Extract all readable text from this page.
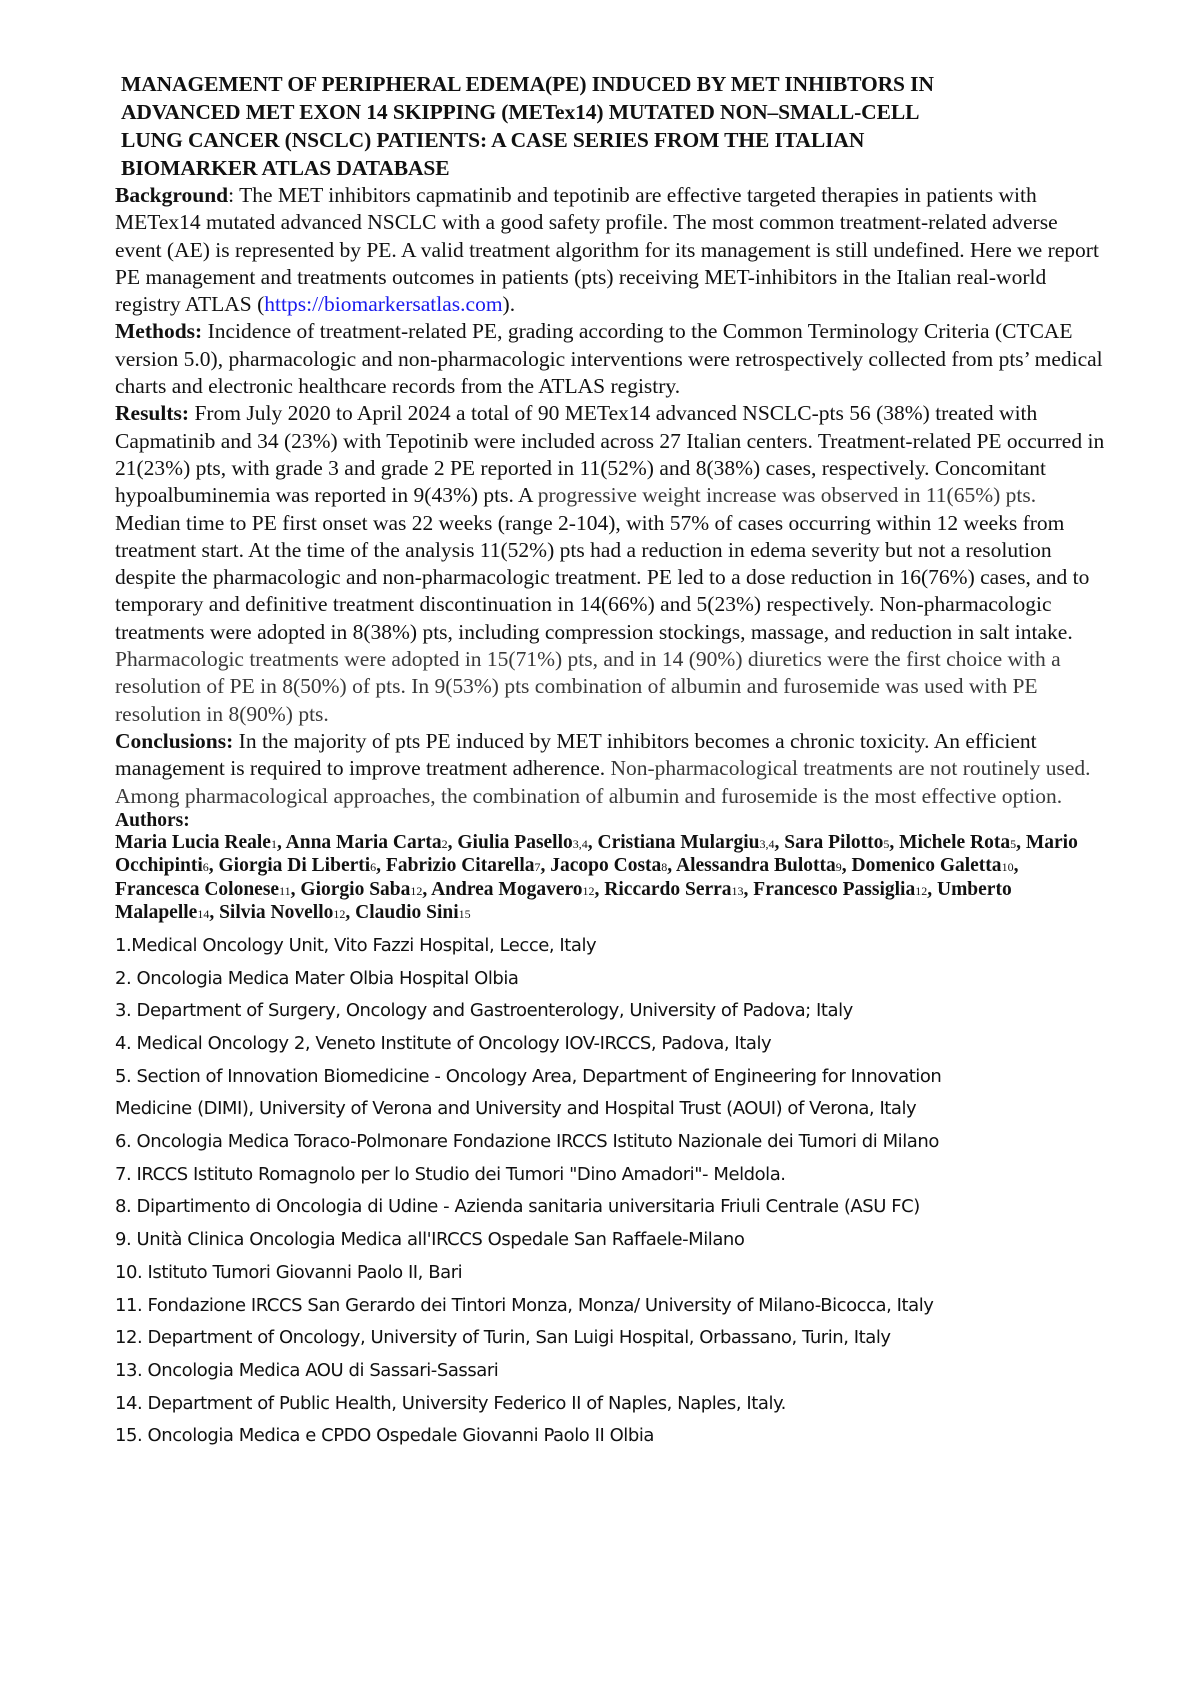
MANAGEMENT OF PERIPHERAL EDEMA(PE) INDUCED BY MET INHIBTORS IN
ADVANCED MET EXON 14 SKIPPING (METex14) MUTATED NON–SMALL-CELL
LUNG CANCER (NSCLC) PATIENTS: A CASE SERIES FROM THE ITALIAN
BIOMARKER ATLAS DATABASE

Background: The MET inhibitors capmatinib and tepotinib are effective targeted therapies in patients with METex14 mutated advanced NSCLC with a good safety profile. The most common treatment-related adverse event (AE) is represented by PE. A valid treatment algorithm for its management is still undefined. Here we report PE management and treatments outcomes in patients (pts) receiving MET-inhibitors in the Italian real-world registry ATLAS (https://biomarkersatlas.com).

Methods: Incidence of treatment-related PE, grading according to the Common Terminology Criteria (CTCAE version 5.0), pharmacologic and non-pharmacologic interventions were retrospectively collected from pts’ medical charts and electronic healthcare records from the ATLAS registry.

Results: From July 2020 to April 2024 a total of 90 METex14 advanced NSCLC-pts 56 (38%) treated with Capmatinib and 34 (23%) with Tepotinib were included across 27 Italian centers. Treatment-related PE occurred in 21(23%) pts, with grade 3 and grade 2 PE reported in 11(52%) and 8(38%) cases, respectively. Concomitant hypoalbuminemia was reported in 9(43%) pts. A progressive weight increase was observed in 11(65%) pts. Median time to PE first onset was 22 weeks (range 2-104), with 57% of cases occurring within 12 weeks from treatment start. At the time of the analysis 11(52%) pts had a reduction in edema severity but not a resolution despite the pharmacologic and non-pharmacologic treatment. PE led to a dose reduction in 16(76%) cases, and to temporary and definitive treatment discontinuation in 14(66%) and 5(23%) respectively. Non-pharmacologic treatments were adopted in 8(38%) pts, including compression stockings, massage, and reduction in salt intake. Pharmacologic treatments were adopted in 15(71%) pts, and in 14 (90%) diuretics were the first choice with a resolution of PE in 8(50%) of pts. In 9(53%) pts combination of albumin and furosemide was used with PE resolution in 8(90%) pts.

Conclusions: In the majority of pts PE induced by MET inhibitors becomes a chronic toxicity. An efficient management is required to improve treatment adherence. Non-pharmacological treatments are not routinely used. Among pharmacological approaches, the combination of albumin and furosemide is the most effective option.

Authors:

Maria Lucia Reale1, Anna Maria Carta2, Giulia Pasello3,4, Cristiana Mulargiu3,4, Sara Pilotto5, Michele Rota5, Mario Occhipinti6, Giorgia Di Liberti6, Fabrizio Citarella7, Jacopo Costa8, Alessandra Bulotta9, Domenico Galetta10, Francesca Colonese11, Giorgio Saba12, Andrea Mogavero12, Riccardo Serra13, Francesco Passiglia12, Umberto Malapelle14, Silvia Novello12, Claudio Sini15

1.Medical Oncology Unit, Vito Fazzi Hospital, Lecce, Italy
2. Oncologia Medica Mater Olbia Hospital Olbia
3. Department of Surgery, Oncology and Gastroenterology, University of Padova; Italy
4. Medical Oncology 2, Veneto Institute of Oncology IOV-IRCCS, Padova, Italy
5. Section of Innovation Biomedicine - Oncology Area, Department of Engineering for Innovation
Medicine (DIMI), University of Verona and University and Hospital Trust (AOUI) of Verona, Italy
6. Oncologia Medica Toraco-Polmonare Fondazione IRCCS Istituto Nazionale dei Tumori di Milano
7. IRCCS Istituto Romagnolo per lo Studio dei Tumori "Dino Amadori"- Meldola.
8. Dipartimento di Oncologia di Udine - Azienda sanitaria universitaria Friuli Centrale (ASU FC)
9. Unità Clinica Oncologia Medica all'IRCCS Ospedale San Raffaele-Milano
10. Istituto Tumori Giovanni Paolo II, Bari
11. Fondazione IRCCS San Gerardo dei Tintori Monza, Monza/ University of Milano-Bicocca, Italy
12. Department of Oncology, University of Turin, San Luigi Hospital, Orbassano, Turin, Italy
13. Oncologia Medica AOU di Sassari-Sassari
14. Department of Public Health, University Federico II of Naples, Naples, Italy.
15. Oncologia Medica e CPDO Ospedale Giovanni Paolo II Olbia
